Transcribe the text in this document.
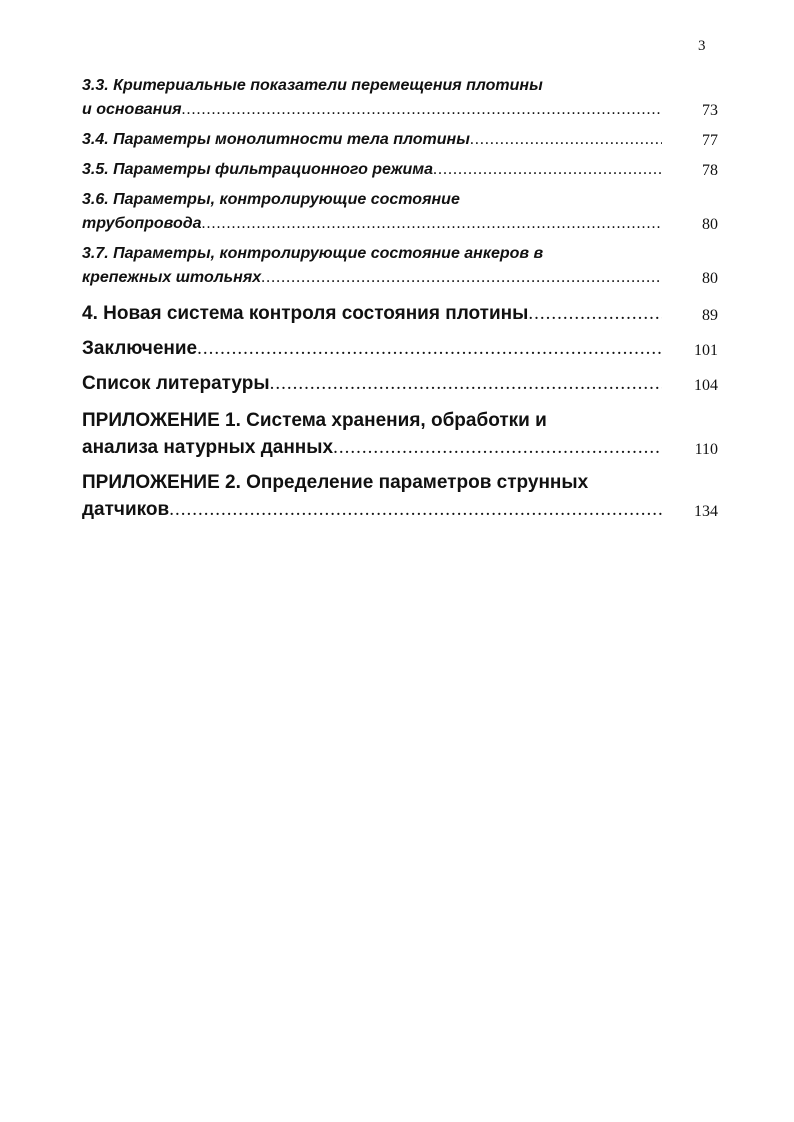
3
3.3. Критериальные показатели перемещения плотины
и основания .....	73
3.4. Параметры монолитности тела плотины .....	77
3.5. Параметры фильтрационного режима .....	78
3.6. Параметры, контролирующие состояние
трубопровода .....	80
3.7. Параметры, контролирующие состояние анкеров в
крепежных штольнях .....	80
4. Новая система контроля состояния плотины .....	89
Заключение .....	101
Список литературы .....	104
ПРИЛОЖЕНИЕ 1. Система хранения, обработки и
анализа натурных данных .....	110
ПРИЛОЖЕНИЕ 2. Определение параметров струнных
датчиков .....	134
